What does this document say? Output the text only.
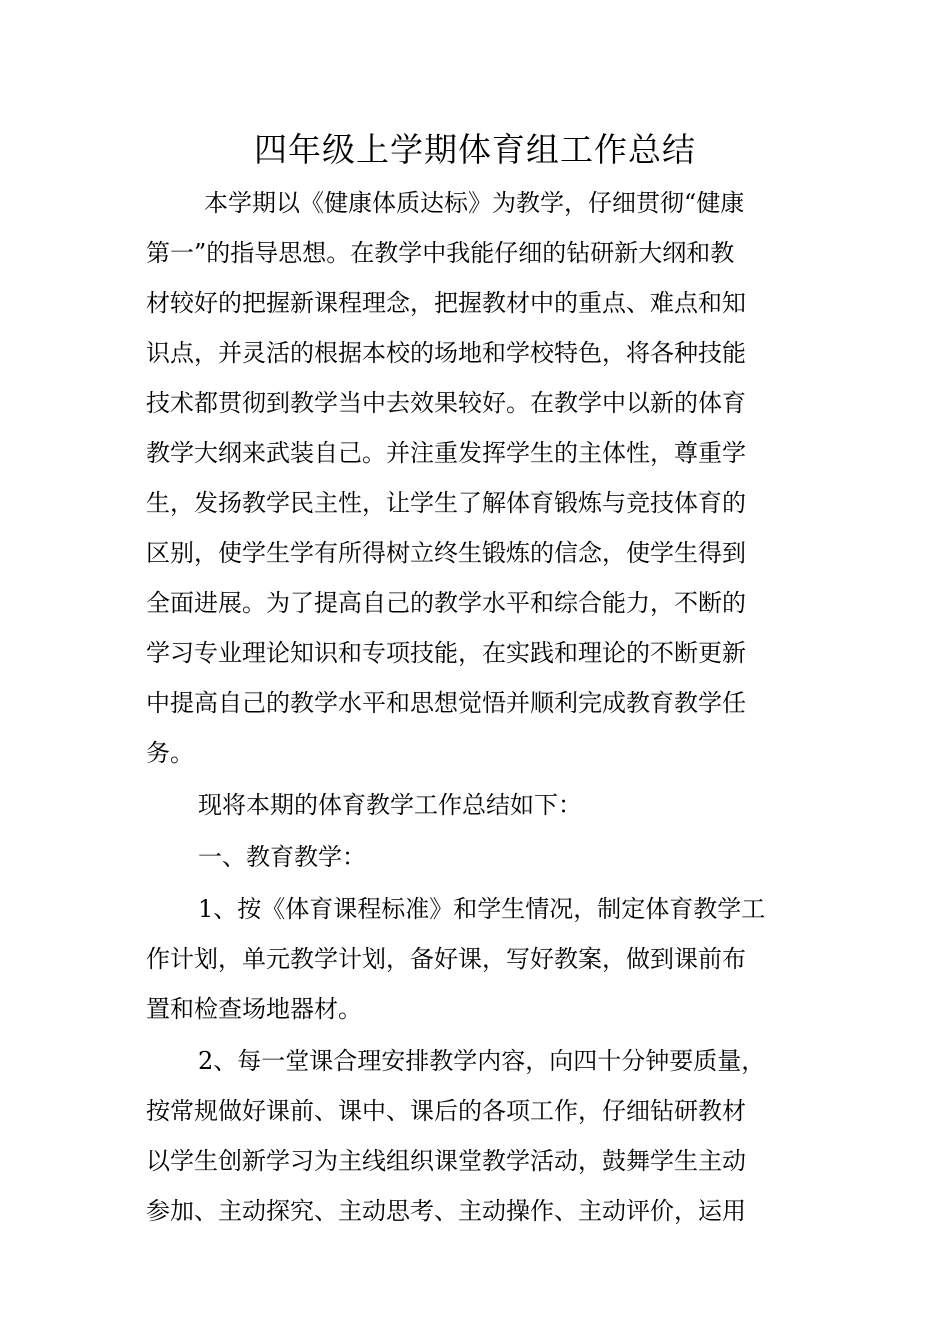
四年级上学期体育组工作总结
本学期以《健康体质达标》为教学，仔细贯彻“健康
第一”的指导思想。在教学中我能仔细的钻研新大纲和教
材较好的把握新课程理念，把握教材中的重点、难点和知
识点，并灵活的根据本校的场地和学校特色，将各种技能
技术都贯彻到教学当中去效果较好。在教学中以新的体育
教学大纲来武装自己。并注重发挥学生的主体性，尊重学
生，发扬教学民主性，让学生了解体育锻炼与竞技体育的
区别，使学生学有所得树立终生锻炼的信念，使学生得到
全面进展。为了提高自己的教学水平和综合能力，不断的
学习专业理论知识和专项技能，在实践和理论的不断更新
中提高自己的教学水平和思想觉悟并顺利完成教育教学任
务。
现将本期的体育教学工作总结如下：
一、教育教学：
1、按《体育课程标准》和学生情况，制定体育教学工
作计划，单元教学计划，备好课，写好教案，做到课前布
置和检查场地器材。
2、每一堂课合理安排教学内容，向四十分钟要质量，
按常规做好课前、课中、课后的各项工作，仔细钻研教材
以学生创新学习为主线组织课堂教学活动，鼓舞学生主动
参加、主动探究、主动思考、主动操作、主动评价，运用
